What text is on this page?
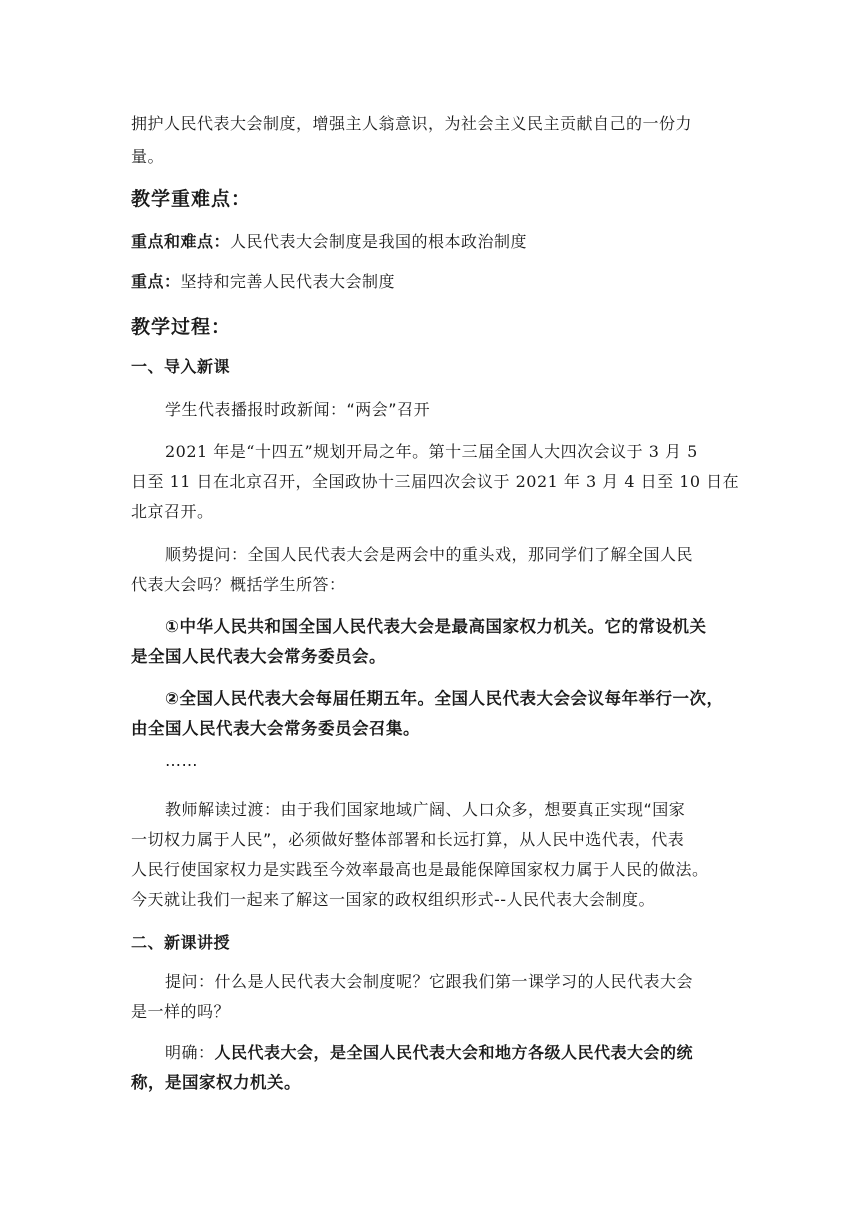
拥护人民代表大会制度，增强主人翁意识，为社会主义民主贡献自己的一份力
量。
教学重难点：
重点和难点：人民代表大会制度是我国的根本政治制度
重点：坚持和完善人民代表大会制度
教学过程：
一、导入新课
学生代表播报时政新闻：“两会”召开
2021 年是“十四五”规划开局之年。第十三届全国人大四次会议于 3 月 5
日至 11 日在北京召开，全国政协十三届四次会议于 2021 年 3 月 4 日至 10 日在
北京召开。
顺势提问：全国人民代表大会是两会中的重头戏，那同学们了解全国人民
代表大会吗？概括学生所答：
①中华人民共和国全国人民代表大会是最高国家权力机关。它的常设机关
是全国人民代表大会常务委员会。
②全国人民代表大会每届任期五年。全国人民代表大会会议每年举行一次，
由全国人民代表大会常务委员会召集。
……
教师解读过渡：由于我们国家地域广阔、人口众多，想要真正实现“国家
一切权力属于人民”，必须做好整体部署和长远打算，从人民中选代表，代表
人民行使国家权力是实践至今效率最高也是最能保障国家权力属于人民的做法。
今天就让我们一起来了解这一国家的政权组织形式--人民代表大会制度。
二、新课讲授
提问：什么是人民代表大会制度呢？它跟我们第一课学习的人民代表大会
是一样的吗？
明确：人民代表大会，是全国人民代表大会和地方各级人民代表大会的统
称，是国家权力机关。
